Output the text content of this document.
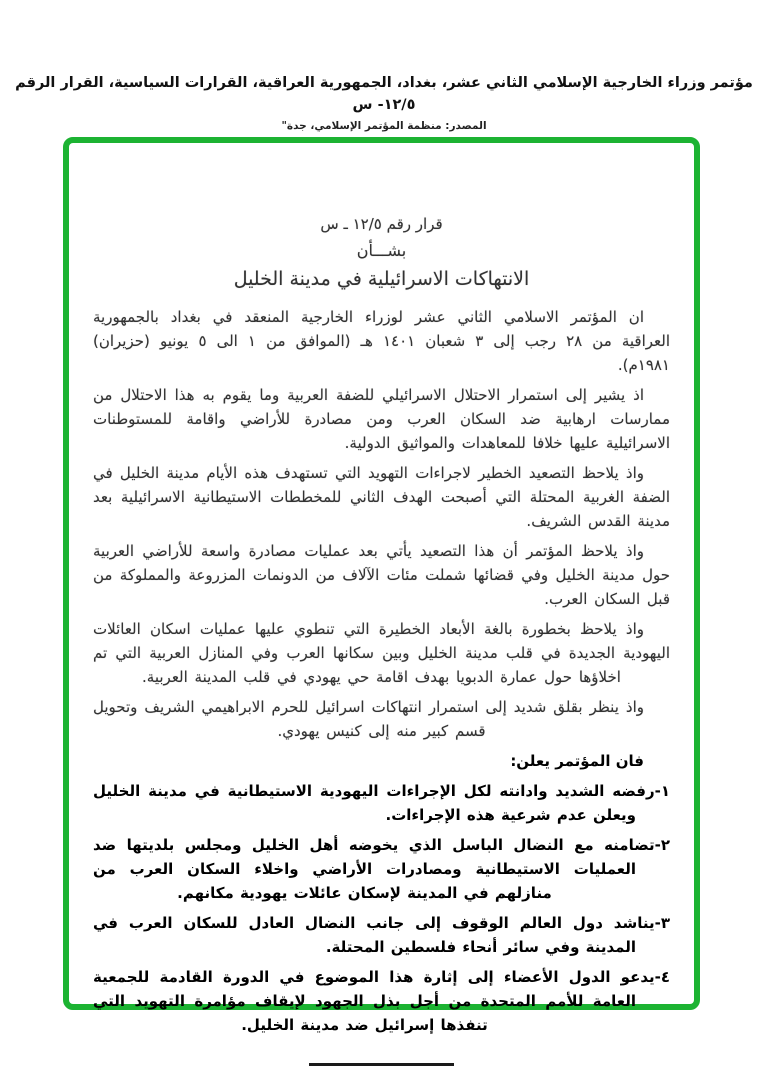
مؤتمر وزراء الخارجية الإسلامي الثاني عشر، بغداد، الجمهورية العراقية، القرارات السياسية، القرار الرقم ١٢/٥- س
المصدر: منظمة المؤتمر الإسلامي، جدة"
قرار رقم ١٢/٥ ـ س
بشـــأن
الانتهاكات الاسرائيلية في مدينة الخليل

ان المؤتمر الاسلامي الثاني عشر لوزراء الخارجية المنعقد في بغداد بالجمهورية العراقية من ٢٨ رجب إلى ٣ شعبان ١٤٠١ هـ (الموافق من ١ الى ٥ يونيو (حزيران) ١٩٨١م).

اذ يشير إلى استمرار الاحتلال الاسرائيلي للضفة العربية وما يقوم به هذا الاحتلال من ممارسات ارهابية ضد السكان العرب ومن مصادرة للأراضي واقامة للمستوطنات الاسرائيلية عليها خلافا للمعاهدات والمواثيق الدولية.

واذ يلاحظ التصعيد الخطير لاجراءات التهويد التي تستهدف هذه الأيام مدينة الخليل في الضفة الغربية المحتلة التي أصبحت الهدف الثاني للمخططات الاستيطانية الاسرائيلية بعد مدينة القدس الشريف.

واذ يلاحظ المؤتمر أن هذا التصعيد يأتي بعد عمليات مصادرة واسعة للأراضي العربية حول مدينة الخليل وفي قضائها شملت مئات الآلاف من الدونمات المزروعة والمملوكة من قبل السكان العرب.

واذ يلاحظ بخطورة بالغة الأبعاد الخطيرة التي تنطوي عليها عمليات اسكان العائلات اليهودية الجديدة في قلب مدينة الخليل وبين سكانها العرب وفي المنازل العربية التي تم اخلاؤها حول عمارة الدبويا بهدف اقامة حي يهودي في قلب المدينة العربية.

واذ ينظر بقلق شديد إلى استمرار انتهاكات اسرائيل للحرم الابراهيمي الشريف وتحويل قسم كبير منه إلى كنيس يهودي.

فان المؤتمر يعلن:
١-رفضه الشديد وادانته لكل الإجراءات اليهودية الاستيطانية في مدينة الخليل ويعلن عدم شرعية هذه الإجراءات.
٢-تضامنه مع النضال الباسل الذي يخوضه أهل الخليل ومجلس بلديتها ضد العمليات الاستيطانية ومصادرات الأراضي واخلاء السكان العرب من منازلهم في المدينة لإسكان عائلات يهودية مكانهم.
٣-يناشد دول العالم الوقوف إلى جانب النضال العادل للسكان العرب في المدينة وفي سائر أنحاء فلسطين المحتلة.
٤-يدعو الدول الأعضاء إلى إثارة هذا الموضوع في الدورة القادمة للجمعية العامة للأمم المتحدة من أجل بذل الجهود لإيقاف مؤامرة التهويد التي تنفذها إسرائيل ضد مدينة الخليل.
